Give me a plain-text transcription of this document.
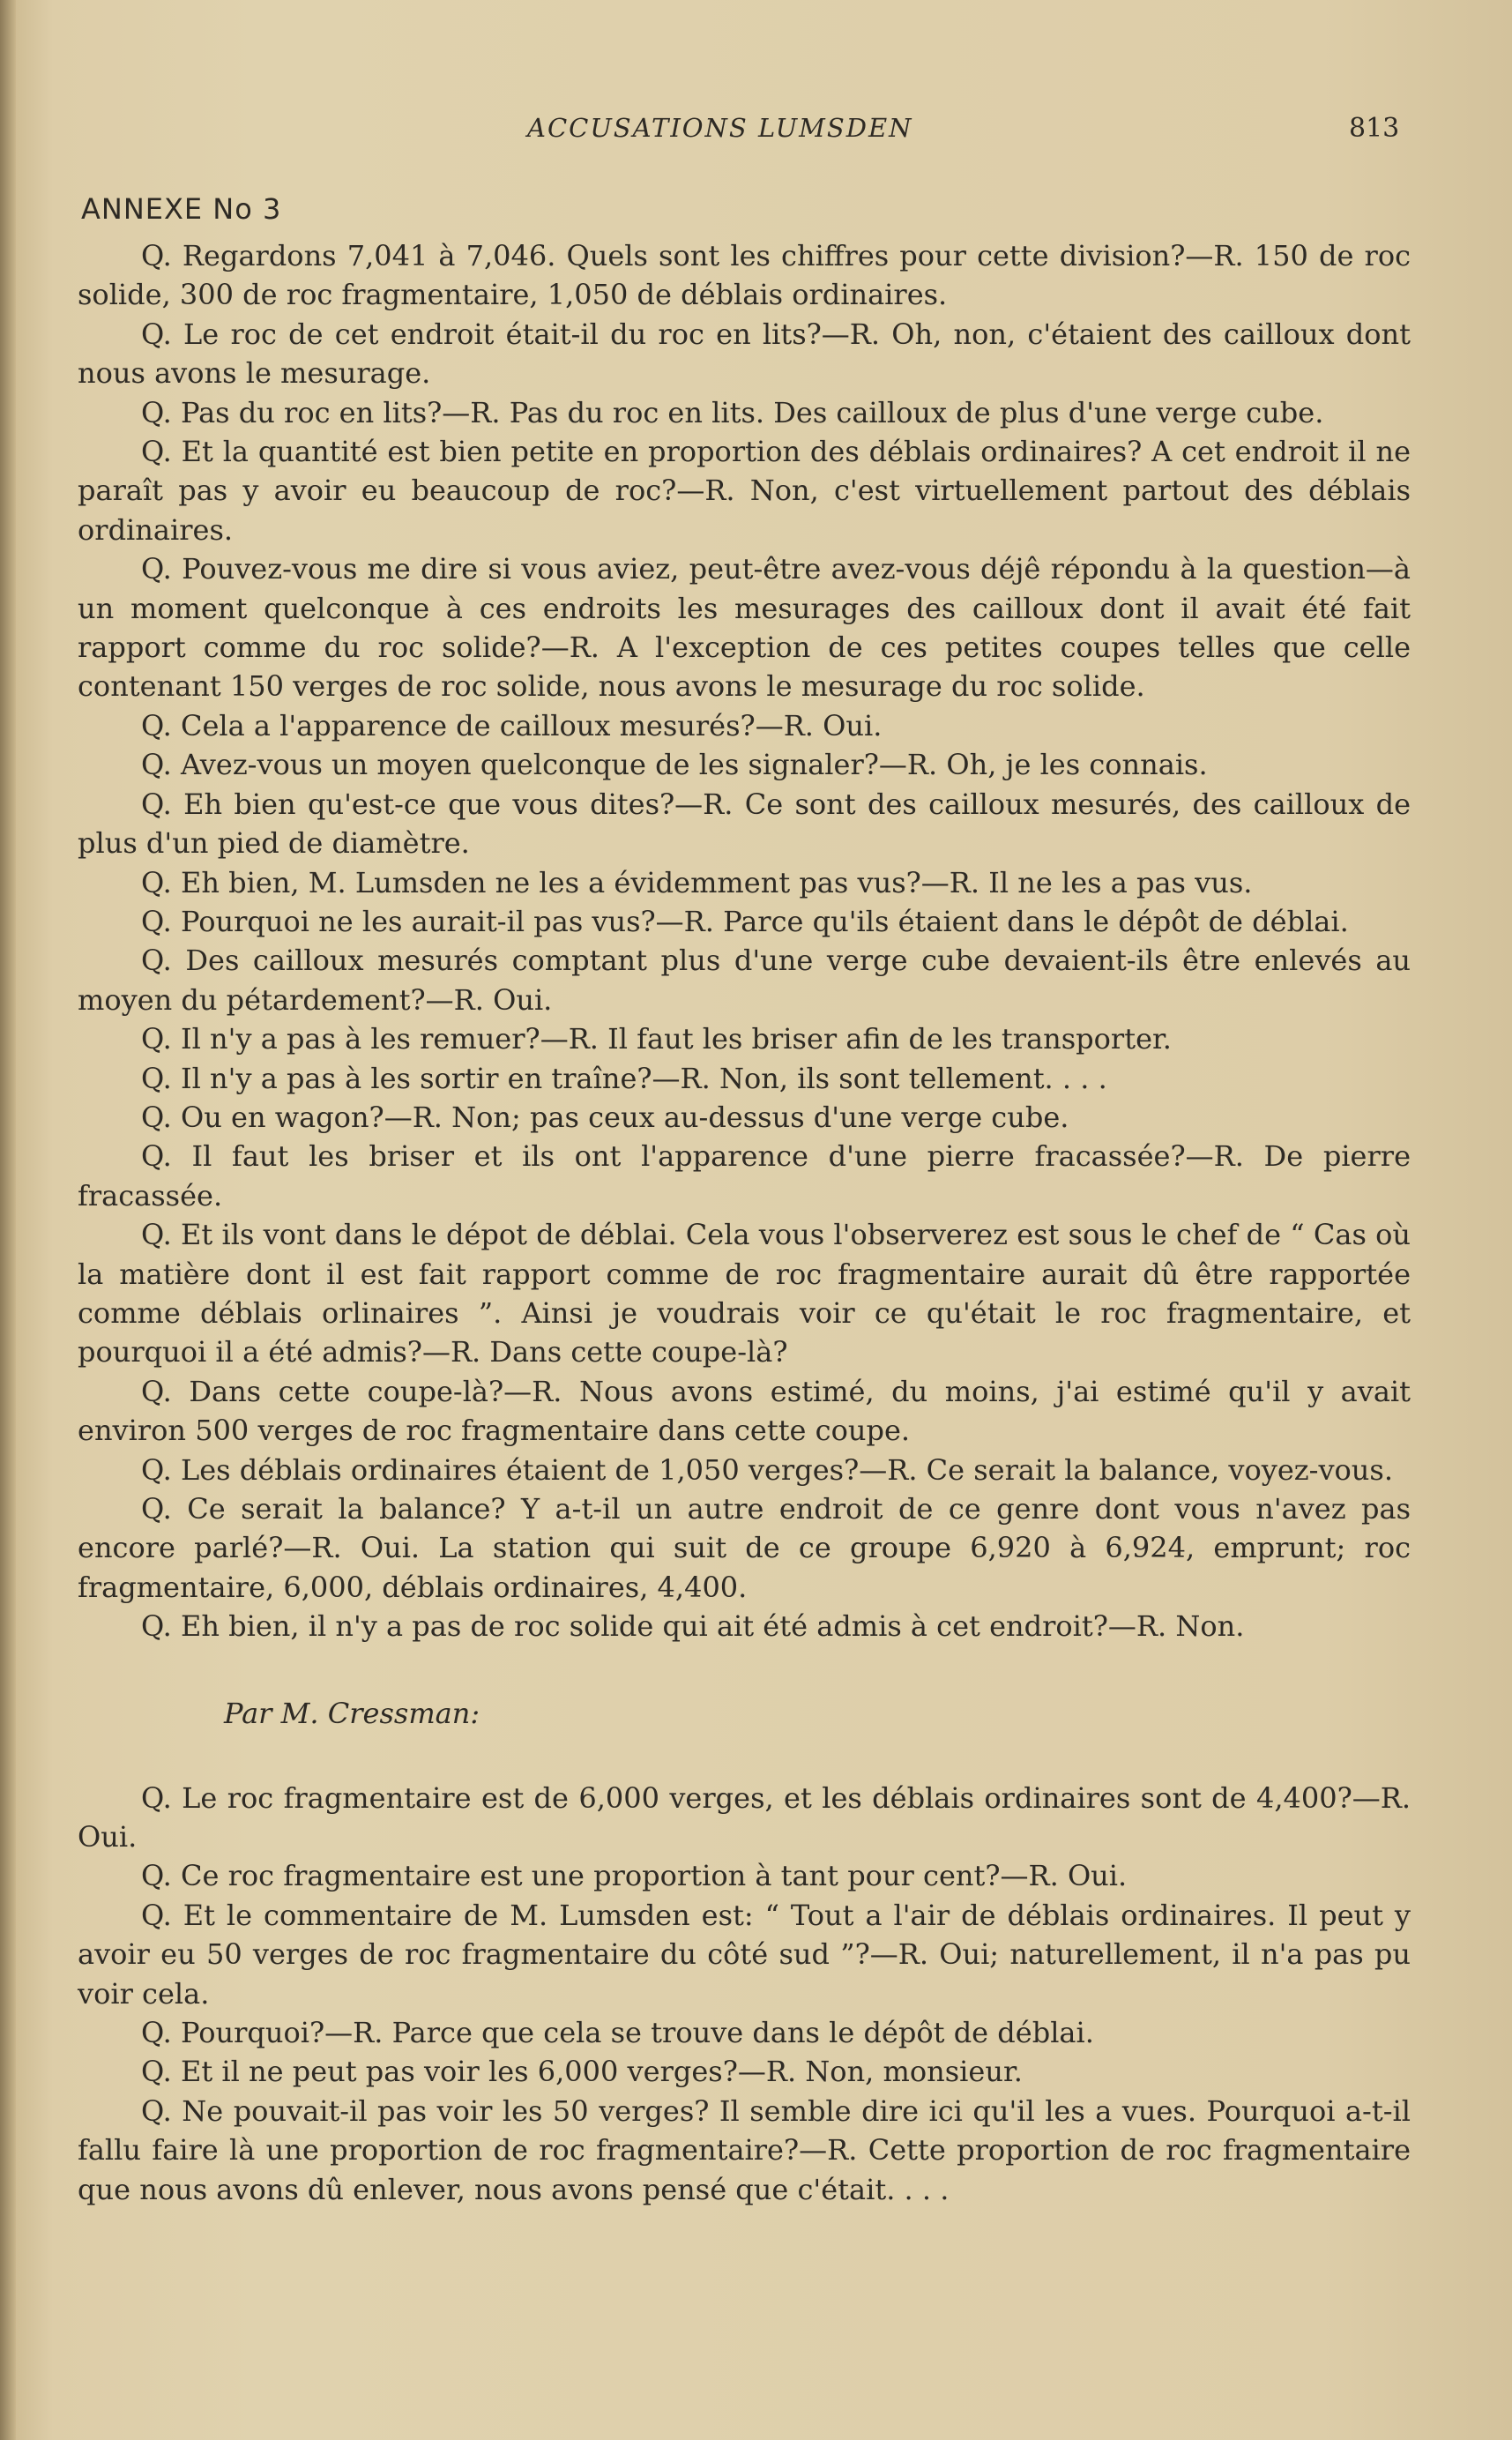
ACCUSATIONS LUMSDEN	813
ANNEXE No 3

Q. Regardons 7,041 à 7,046. Quels sont les chiffres pour cette division?—R. 150 de roc solide, 300 de roc fragmentaire, 1,050 de déblais ordinaires.

Q. Le roc de cet endroit était-il du roc en lits?—R. Oh, non, c'étaient des cailloux dont nous avons le mesurage.

Q. Pas du roc en lits?—R. Pas du roc en lits. Des cailloux de plus d'une verge cube.

Q. Et la quantité est bien petite en proportion des déblais ordinaires? A cet endroit il ne paraît pas y avoir eu beaucoup de roc?—R. Non, c'est virtuellement partout des déblais ordinaires.

Q. Pouvez-vous me dire si vous aviez, peut-être avez-vous déjê répondu à la question—à un moment quelconque à ces endroits les mesurages des cailloux dont il avait été fait rapport comme du roc solide?—R. A l'exception de ces petites coupes telles que celle contenant 150 verges de roc solide, nous avons le mesurage du roc solide.

Q. Cela a l'apparence de cailloux mesurés?—R. Oui.

Q. Avez-vous un moyen quelconque de les signaler?—R. Oh, je les connais.

Q. Eh bien qu'est-ce que vous dites?—R. Ce sont des cailloux mesurés, des cailloux de plus d'un pied de diamètre.

Q. Eh bien, M. Lumsden ne les a évidemment pas vus?—R. Il ne les a pas vus.

Q. Pourquoi ne les aurait-il pas vus?—R. Parce qu'ils étaient dans le dépôt de déblai.

Q. Des cailloux mesurés comptant plus d'une verge cube devaient-ils être enlevés au moyen du pétardement?—R. Oui.

Q. Il n'y a pas à les remuer?—R. Il faut les briser afin de les transporter.

Q. Il n'y a pas à les sortir en traîne?—R. Non, ils sont tellement. . . .

Q. Ou en wagon?—R. Non; pas ceux au-dessus d'une verge cube.

Q. Il faut les briser et ils ont l'apparence d'une pierre fracassée?—R. De pierre fracassée.

Q. Et ils vont dans le dépot de déblai. Cela vous l'observerez est sous le chef de “ Cas où la matière dont il est fait rapport comme de roc fragmentaire aurait dû être rapportée comme déblais orlinaires ”. Ainsi je voudrais voir ce qu'était le roc fragmentaire, et pourquoi il a été admis?—R. Dans cette coupe-là?

Q. Dans cette coupe-là?—R. Nous avons estimé, du moins, j'ai estimé qu'il y avait environ 500 verges de roc fragmentaire dans cette coupe.

Q. Les déblais ordinaires étaient de 1,050 verges?—R. Ce serait la balance, voyez-vous.

Q. Ce serait la balance? Y a-t-il un autre endroit de ce genre dont vous n'avez pas encore parlé?—R. Oui. La station qui suit de ce groupe 6,920 à 6,924, emprunt; roc fragmentaire, 6,000, déblais ordinaires, 4,400.

Q. Eh bien, il n'y a pas de roc solide qui ait été admis à cet endroit?—R. Non.

Par M. Cressman:

Q. Le roc fragmentaire est de 6,000 verges, et les déblais ordinaires sont de 4,400?—R. Oui.

Q. Ce roc fragmentaire est une proportion à tant pour cent?—R. Oui.

Q. Et le commentaire de M. Lumsden est: “ Tout a l'air de déblais ordinaires. Il peut y avoir eu 50 verges de roc fragmentaire du côté sud ”?—R. Oui; naturellement, il n'a pas pu voir cela.

Q. Pourquoi?—R. Parce que cela se trouve dans le dépôt de déblai.

Q. Et il ne peut pas voir les 6,000 verges?—R. Non, monsieur.

Q. Ne pouvait-il pas voir les 50 verges? Il semble dire ici qu'il les a vues. Pourquoi a-t-il fallu faire là une proportion de roc fragmentaire?—R. Cette proportion de roc fragmentaire que nous avons dû enlever, nous avons pensé que c'était. . . .
